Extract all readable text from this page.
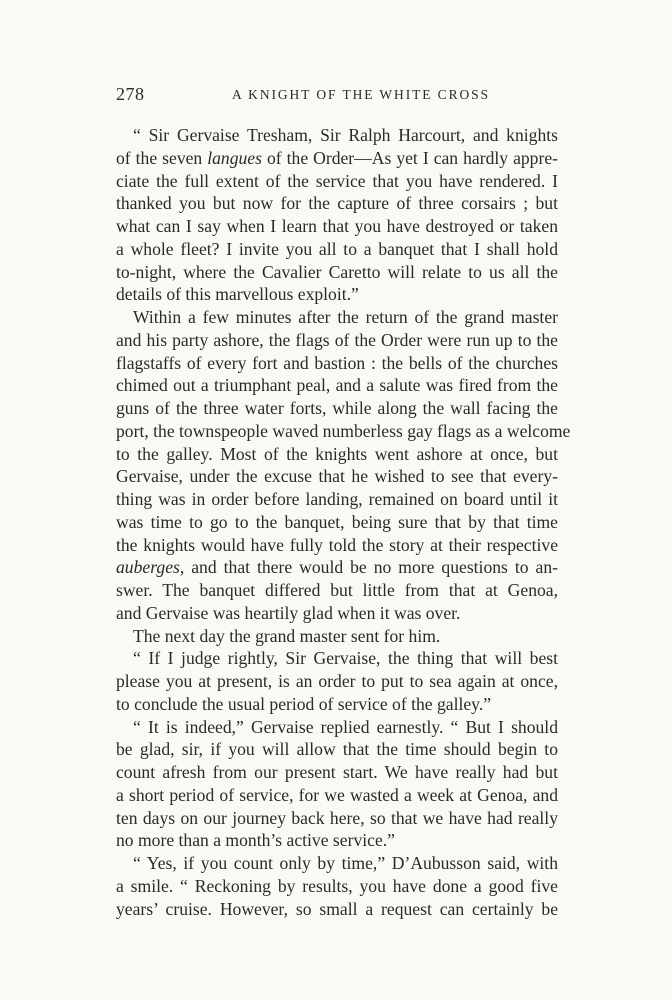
278	A KNIGHT OF THE WHITE CROSS
“ Sir Gervaise Tresham, Sir Ralph Harcourt, and knights
of the seven langues of the Order—As yet I can hardly appre-
ciate the full extent of the service that you have rendered. I
thanked you but now for the capture of three corsairs ; but
what can I say when I learn that you have destroyed or taken
a whole fleet? I invite you all to a banquet that I shall hold
to-night, where the Cavalier Caretto will relate to us all the
details of this marvellous exploit.”
Within a few minutes after the return of the grand master
and his party ashore, the flags of the Order were run up to the
flagstaffs of every fort and bastion : the bells of the churches
chimed out a triumphant peal, and a salute was fired from the
guns of the three water forts, while along the wall facing the
port, the townspeople waved numberless gay flags as a welcome
to the galley. Most of the knights went ashore at once, but
Gervaise, under the excuse that he wished to see that every-
thing was in order before landing, remained on board until it
was time to go to the banquet, being sure that by that time
the knights would have fully told the story at their respective
auberges, and that there would be no more questions to an-
swer. The banquet differed but little from that at Genoa,
and Gervaise was heartily glad when it was over.
The next day the grand master sent for him.
“ If I judge rightly, Sir Gervaise, the thing that will best
please you at present, is an order to put to sea again at once,
to conclude the usual period of service of the galley.”
“ It is indeed,” Gervaise replied earnestly. “ But I should
be glad, sir, if you will allow that the time should begin to
count afresh from our present start. We have really had but
a short period of service, for we wasted a week at Genoa, and
ten days on our journey back here, so that we have had really
no more than a month’s active service.”
“ Yes, if you count only by time,” D’Aubusson said, with
a smile. “ Reckoning by results, you have done a good five
years’ cruise. However, so small a request can certainly be
